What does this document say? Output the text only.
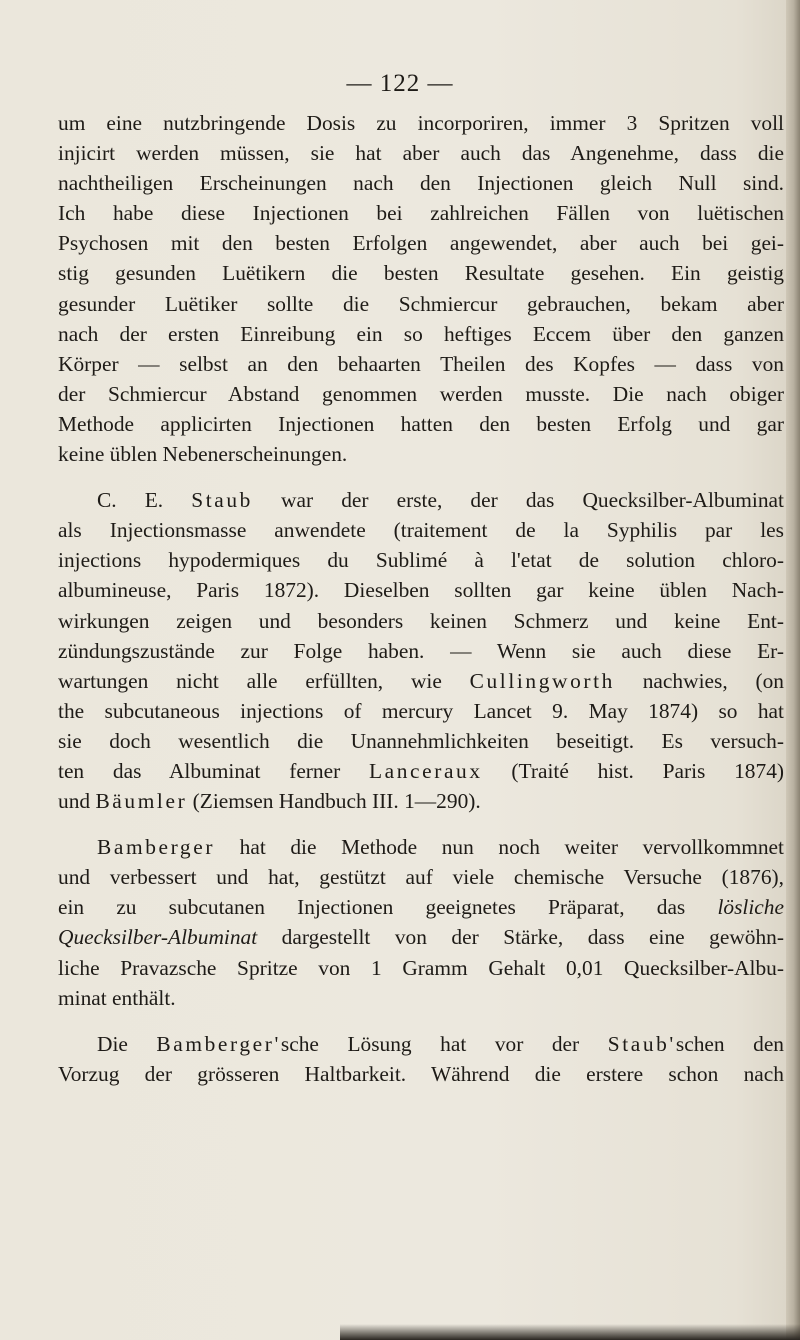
— 122 —

um eine nutzbringende Dosis zu incorporiren, immer 3 Spritzen voll
injicirt werden müssen, sie hat aber auch das Angenehme, dass die
nachtheiligen Erscheinungen nach den Injectionen gleich Null sind.
Ich habe diese Injectionen bei zahlreichen Fällen von luëtischen
Psychosen mit den besten Erfolgen angewendet, aber auch bei gei-
stig gesunden Luëtikern die besten Resultate gesehen. Ein geistig
gesunder Luëtiker sollte die Schmiercur gebrauchen, bekam aber
nach der ersten Einreibung ein so heftiges Eccem über den ganzen
Körper — selbst an den behaarten Theilen des Kopfes — dass von
der Schmiercur Abstand genommen werden musste. Die nach obiger
Methode applicirten Injectionen hatten den besten Erfolg und gar
keine üblen Nebenerscheinungen.

C. E. Staub war der erste, der das Quecksilber-Albuminat
als Injectionsmasse anwendete (traitement de la Syphilis par les
injections hypodermiques du Sublimé à l'etat de solution chloro-
albumineuse, Paris 1872). Dieselben sollten gar keine üblen Nach-
wirkungen zeigen und besonders keinen Schmerz und keine Ent-
zündungszustände zur Folge haben. — Wenn sie auch diese Er-
wartungen nicht alle erfüllten, wie Cullingworth nachwies, (on
the subcutaneous injections of mercury Lancet 9. May 1874) so hat
sie doch wesentlich die Unannehmlichkeiten beseitigt. Es versuch-
ten das Albuminat ferner Lanceraux (Traité hist. Paris 1874)
und Bäumler (Ziemsen Handbuch III. 1—290).

Bamberger hat die Methode nun noch weiter vervollkommnet
und verbessert und hat, gestützt auf viele chemische Versuche (1876),
ein zu subcutanen Injectionen geeignetes Präparat, das lösliche
Quecksilber-Albuminat dargestellt von der Stärke, dass eine gewöhn-
liche Pravazsche Spritze von 1 Gramm Gehalt 0,01 Quecksilber-Albu-
minat enthält.

Die Bamberger'sche Lösung hat vor der Staub'schen den
Vorzug der grösseren Haltbarkeit. Während die erstere schon nach
